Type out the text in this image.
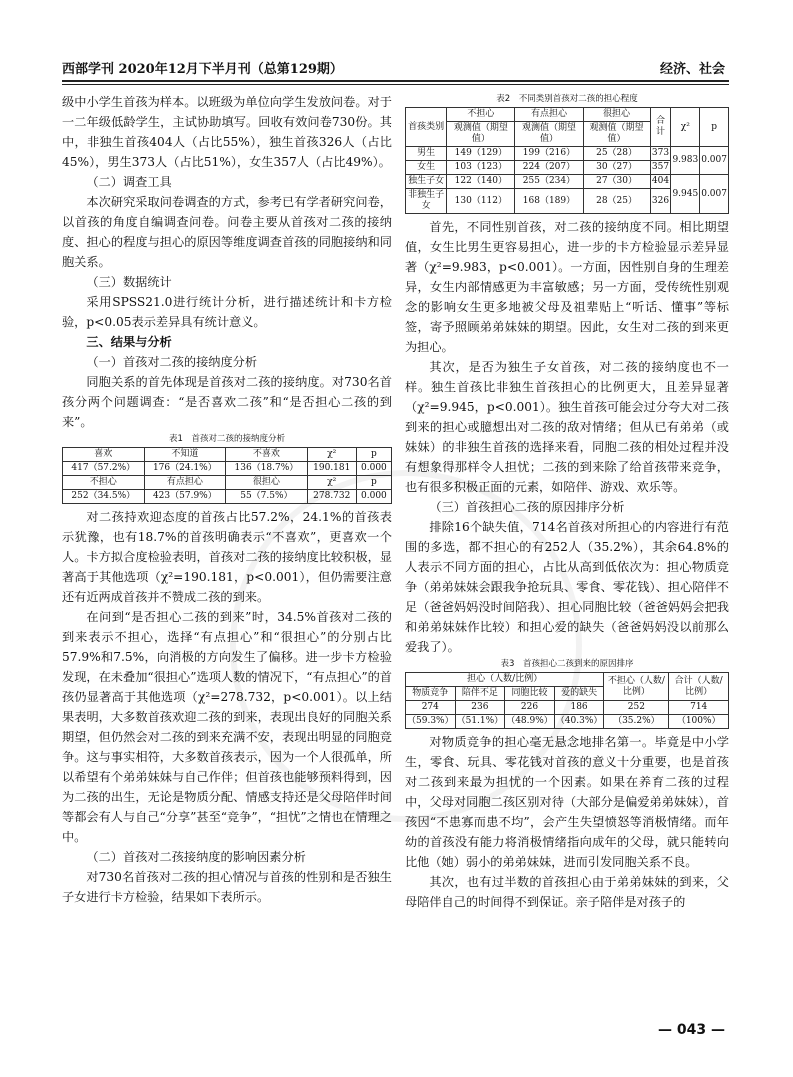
西部学刊 2020年12月下半月刊（总第129期）	经济、社会

级中小学生首孩为样本。以班级为单位向学生发放问卷。对于一二年级低龄学生，主试协助填写。回收有效问卷730份。其中，非独生首孩404人（占比55%），独生首孩326人（占比45%），男生373人（占比51%），女生357人（占比49%）。

（二）调查工具

本次研究采取问卷调查的方式，参考已有学者研究问卷，以首孩的角度自编调查问卷。问卷主要从首孩对二孩的接纳度、担心的程度与担心的原因等维度调查首孩的同胞接纳和同胞关系。

（三）数据统计

采用SPSS21.0进行统计分析，进行描述统计和卡方检验，p<0.05表示差异具有统计意义。

三、结果与分析
（一）首孩对二孩的接纳度分析

同胞关系的首先体现是首孩对二孩的接纳度。对730名首孩分两个问题调查：“是否喜欢二孩”和“是否担心二孩的到来”。

表1　首孩对二孩的接纳度分析
喜欢	不知道	不喜欢	χ²	p
417（57.2%）	176（24.1%）	136（18.7%）	190.181	0.000
不担心	有点担心	很担心	χ²	p
252（34.5%）	423（57.9%）	55（7.5%）	278.732	0.000

对二孩持欢迎态度的首孩占比57.2%，24.1%的首孩表示犹豫，也有18.7%的首孩明确表示“不喜欢”，更喜欢一个人。卡方拟合度检验表明，首孩对二孩的接纳度比较积极，显著高于其他选项（χ²=190.181，p<0.001），但仍需要注意还有近两成首孩并不赞成二孩的到来。

在问到“是否担心二孩的到来”时，34.5%首孩对二孩的到来表示不担心，选择“有点担心”和“很担心”的分别占比57.9%和7.5%，向消极的方向发生了偏移。进一步卡方检验发现，在未叠加“很担心”选项人数的情况下，“有点担心”的首孩仍显著高于其他选项（χ²=278.732，p<0.001）。以上结果表明，大多数首孩欢迎二孩的到来，表现出良好的同胞关系期望，但仍然会对二孩的到来充满不安，表现出明显的同胞竞争。这与事实相符，大多数首孩表示，因为一个人很孤单，所以希望有个弟弟妹妹与自己作伴；但首孩也能够预料得到，因为二孩的出生，无论是物质分配、情感支持还是父母陪伴时间等都会有人与自己“分享”甚至“竞争”，“担忧”之情也在情理之中。

（二）首孩对二孩接纳度的影响因素分析

对730名首孩对二孩的担心情况与首孩的性别和是否独生子女进行卡方检验，结果如下表所示。

表2　不同类别首孩对二孩的担心程度
首孩类别	不担心	有点担心	很担心	合计	χ²	p
	观测值（期望值）	观测值（期望值）	观测值（期望值）			
男生	149（129）	199（216）	25（28）	373	9.983	0.007
女生	103（123）	224（207）	30（27）	357		
独生子女	122（140）	255（234）	27（30）	404	9.945	0.007
非独生子女	130（112）	168（189）	28（25）	326		

首先，不同性别首孩，对二孩的接纳度不同。相比期望值，女生比男生更容易担心，进一步的卡方检验显示差异显著（χ²=9.983，p<0.001）。一方面，因性别自身的生理差异，女生内部情感更为丰富敏感；另一方面，受传统性别观念的影响女生更多地被父母及祖辈贴上“听话、懂事”等标签，寄予照顾弟弟妹妹的期望。因此，女生对二孩的到来更为担心。

其次，是否为独生子女首孩，对二孩的接纳度也不一样。独生首孩比非独生首孩担心的比例更大，且差异显著（χ²=9.945，p<0.001）。独生首孩可能会过分夸大对二孩到来的担心或臆想出对二孩的敌对情绪；但从已有弟弟（或妹妹）的非独生首孩的选择来看，同胞二孩的相处过程并没有想象得那样令人担忧；二孩的到来除了给首孩带来竞争，也有很多积极正面的元素，如陪伴、游戏、欢乐等。

（三）首孩担心二孩的原因排序分析

排除16个缺失值，714名首孩对所担心的内容进行有范围的多选，都不担心的有252人（35.2%），其余64.8%的人表示不同方面的担心，占比从高到低依次为：担心物质竞争（弟弟妹妹会跟我争抢玩具、零食、零花钱）、担心陪伴不足（爸爸妈妈没时间陪我）、担心同胞比较（爸爸妈妈会把我和弟弟妹妹作比较）和担心爱的缺失（爸爸妈妈没以前那么爱我了）。

表3　首孩担心二孩到来的原因排序
担心（人数/比例）				不担心（人数/比例）	合计（人数/比例）
物质竞争	陪伴不足	同胞比较	爱的缺失		
274	236	226	186	252	714
（59.3%）	（51.1%）	（48.9%）	（40.3%）	（35.2%）	（100%）

对物质竞争的担心毫无悬念地排名第一。毕竟是中小学生，零食、玩具、零花钱对首孩的意义十分重要，也是首孩对二孩到来最为担忧的一个因素。如果在养育二孩的过程中，父母对同胞二孩区别对待（大部分是偏爱弟弟妹妹），首孩因“不患寡而患不均”，会产生失望愤怒等消极情绪。而年幼的首孩没有能力将消极情绪指向成年的父母，就只能转向比他（她）弱小的弟弟妹妹，进而引发同胞关系不良。

其次，也有过半数的首孩担心由于弟弟妹妹的到来，父母陪伴自己的时间得不到保证。亲子陪伴是对孩子的

— 043 —
